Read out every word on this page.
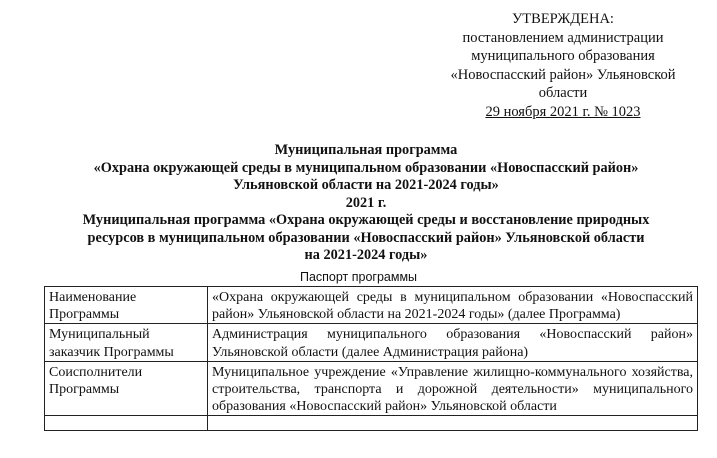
УТВЕРЖДЕНА:
постановлением администрации
муниципального образования
«Новоспасский район» Ульяновской
области
29 ноября 2021 г. № 1023
Муниципальная программа
«Охрана окружающей среды в муниципальном образовании «Новоспасский район»
Ульяновской области на 2021-2024 годы»
2021 г.
Муниципальная программа «Охрана окружающей среды и восстановление природных
ресурсов в муниципальном образовании «Новоспасский район» Ульяновской области
на 2021-2024 годы»
Паспорт программы
Наименование Программы	«Охрана окружающей среды в муниципальном образовании «Новоспасский район» Ульяновской области на 2021-2024 годы» (далее Программа)
Муниципальный заказчик Программы	Администрация муниципального образования «Новоспасский район» Ульяновской области (далее Администрация района)
Соисполнители Программы	Муниципальное учреждение «Управление жилищно-коммунального хозяйства, строительства, транспорта и дорожной деятельности» муниципального образования «Новоспасский район» Ульяновской области
